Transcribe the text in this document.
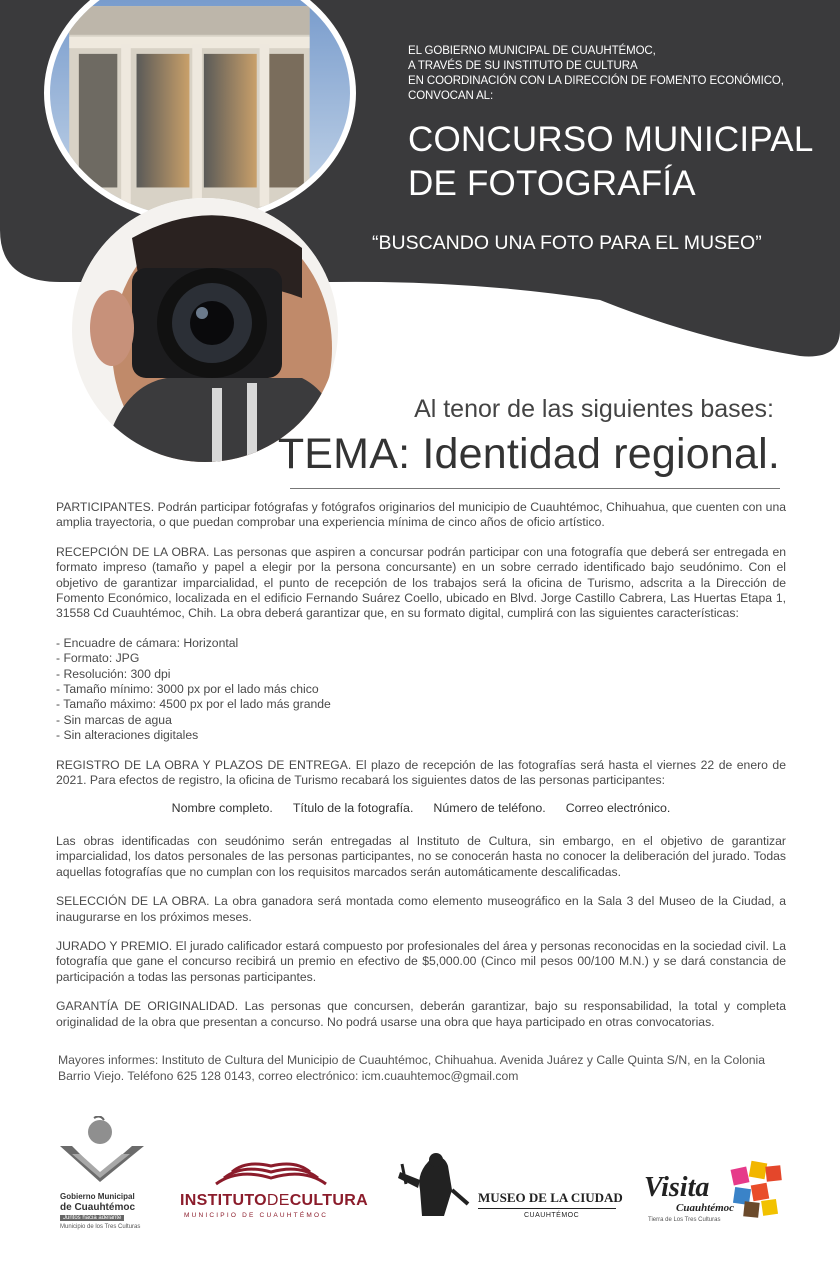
EL GOBIERNO MUNICIPAL DE CUAUHTÉMOC,
A TRAVÉS DE SU INSTITUTO DE CULTURA
EN COORDINACIÓN CON LA DIRECCIÓN DE FOMENTO ECONÓMICO,
CONVOCAN AL:
CONCURSO MUNICIPAL
DE FOTOGRAFÍA
“BUSCANDO UNA FOTO PARA EL MUSEO”
Al tenor de las siguientes bases:
TEMA: Identidad regional.

PARTICIPANTES. Podrán participar fotógrafas y fotógrafos originarios del municipio de Cuauhtémoc, Chihuahua, que cuenten con una amplia trayectoria, o que puedan comprobar una experiencia mínima de cinco años de oficio artístico.

RECEPCIÓN DE LA OBRA. Las personas que aspiren a concursar podrán participar con una fotografía que deberá ser entregada en formato impreso (tamaño y papel a elegir por la persona concursante) en un sobre cerrado identificado bajo seudónimo. Con el objetivo de garantizar imparcialidad, el punto de recepción de los trabajos será la oficina de Turismo, adscrita a la Dirección de Fomento Económico, localizada en el edificio Fernando Suárez Coello, ubicado en Blvd. Jorge Castillo Cabrera, Las Huertas Etapa 1, 31558 Cd Cuauhtémoc, Chih. La obra deberá garantizar que, en su formato digital, cumplirá con las siguientes características:

- Encuadre de cámara: Horizontal
- Formato: JPG
- Resolución: 300 dpi
- Tamaño mínimo: 3000 px por el lado más chico
- Tamaño máximo: 4500 px por el lado más grande
- Sin marcas de agua
- Sin alteraciones digitales

REGISTRO DE LA OBRA Y PLAZOS DE ENTREGA. El plazo de recepción de las fotografías será hasta el viernes 22 de enero de 2021. Para efectos de registro, la oficina de Turismo recabará los siguientes datos de las personas participantes:

Nombre completo. Título de la fotografía. Número de teléfono. Correo electrónico.

Las obras identificadas con seudónimo serán entregadas al Instituto de Cultura, sin embargo, en el objetivo de garantizar imparcialidad, los datos personales de las personas participantes, no se conocerán hasta no conocer la deliberación del jurado. Todas aquellas fotografías que no cumplan con los requisitos marcados serán automáticamente descalificadas.

SELECCIÓN DE LA OBRA. La obra ganadora será montada como elemento museográfico en la Sala 3 del Museo de la Ciudad, a inaugurarse en los próximos meses.

JURADO Y PREMIO. El jurado calificador estará compuesto por profesionales del área y personas reconocidas en la sociedad civil. La fotografía que gane el concurso recibirá un premio en efectivo de $5,000.00 (Cinco mil pesos 00/100 M.N.) y se dará constancia de participación a todas las personas participantes.

GARANTÍA DE ORIGINALIDAD. Las personas que concursen, deberán garantizar, bajo su responsabilidad, la total y completa originalidad de la obra que presentan a concurso. No podrá usarse una obra que haya participado en otras convocatorias.

Mayores informes: Instituto de Cultura del Municipio de Cuauhtémoc, Chihuahua. Avenida Juárez y Calle Quinta S/N, en la Colonia Barrio Viejo. Teléfono 625 128 0143, correo electrónico: icm.cuauhtemoc@gmail.com
Gobierno Municipal
de Cuauhtémoc
Juntos hacia adelante
Municipio de los Tres Culturas
INSTITUTODECULTURA
MUNICIPIO DE CUAUHTÉMOC
MUSEO DE LA CIUDAD
CUAUHTÉMOC
Visita
Cuauhtémoc
Tierra de Los Tres Culturas
